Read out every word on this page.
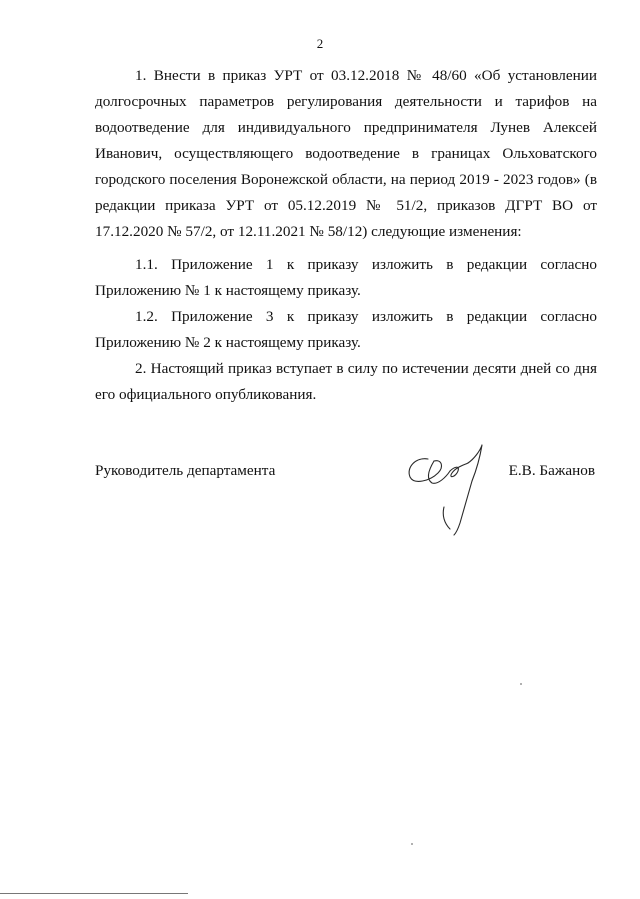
2

1. Внести в приказ УРТ от 03.12.2018 № 48/60 «Об установлении долгосрочных параметров регулирования деятельности и тарифов на водоотведение для индивидуального предпринимателя Лунев Алексей Иванович, осуществляющего водоотведение в границах Ольховатского городского поселения Воронежской области, на период 2019 - 2023 годов» (в редакции приказа УРТ от 05.12.2019 № 51/2, приказов ДГРТ ВО от 17.12.2020 № 57/2, от 12.11.2021 № 58/12) следующие изменения:

1.1. Приложение 1 к приказу изложить в редакции согласно Приложению № 1 к настоящему приказу.

1.2. Приложение 3 к приказу изложить в редакции согласно Приложению № 2 к настоящему приказу.

2. Настоящий приказ вступает в силу по истечении десяти дней со дня его официального опубликования.

Руководитель департамента	Е.В. Бажанов
